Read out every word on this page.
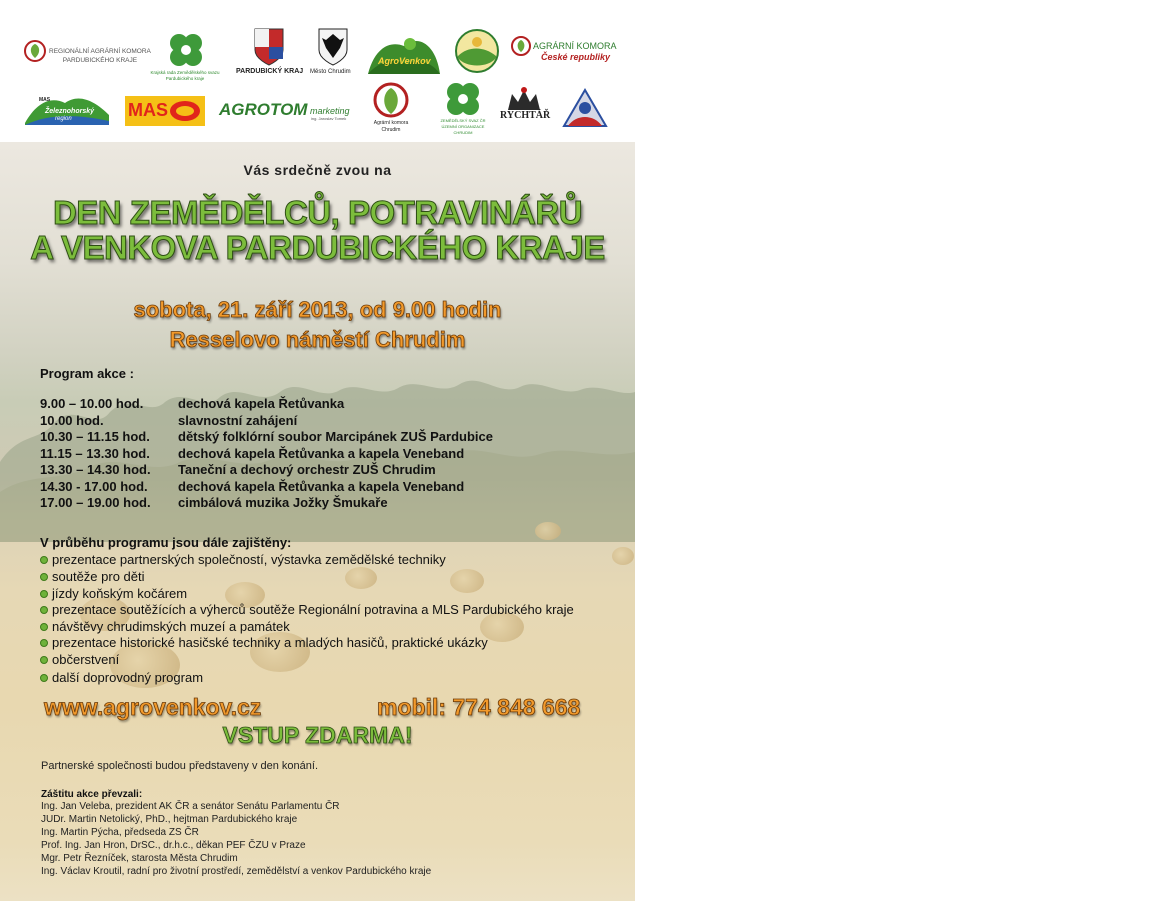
REGIONÁLNÍ AGRÁRNÍ KOMORA
PARDUBICKÉHO KRAJE
Krajská rada Zemědělského svazu
Pardubického kraje
PARDUBICKÝ KRAJ Město Chrudim
AgroVenkov
AGRÁRNÍ KOMORA
České republiky
MAS
Železnohorský
region	MAS	AGROTOM marketing
ing. Jaroslav Tomek
Agrární komora
Chrudim
ZEMĚDĚLSKÝ SVAZ ČR
ÚZEMNÍ ORGANIZACE
CHRUDIM
RYCHTÁŘ
Vás srdečně zvou na
DEN ZEMĚDĚLCŮ, POTRAVINÁŘŮ
A VENKOVA PARDUBICKÉHO KRAJE
sobota, 21. září 2013, od 9.00 hodin
Resselovo náměstí Chrudim
Program akce :
9.00 – 10.00 hod.	dechová kapela Řetůvanka
10.00 hod.	slavnostní zahájení
10.30 – 11.15 hod. dětský folklórní soubor Marcipánek ZUŠ Pardubice
11.15 – 13.30 hod. dechová kapela Řetůvanka a kapela Veneband
13.30 – 14.30 hod. Taneční a dechový orchestr ZUŠ Chrudim
14.30 - 17.00 hod. dechová kapela Řetůvanka a kapela Veneband
17.00 – 19.00 hod. cimbálová muzika Jožky Šmukaře
V průběhu programu jsou dále zajištěny:
prezentace partnerských společností, výstavka zemědělské techniky
soutěže pro děti
jízdy koňským kočárem
prezentace soutěžících a výherců soutěže Regionální potravina a MLS Pardubického kraje
návštěvy chrudimských muzeí a památek
prezentace historické hasičské techniky a mladých hasičů, praktické ukázky
občerstvení
další doprovodný program
www.agrovenkov.cz	mobil: 774 848 668
VSTUP ZDARMA!
Partnerské společnosti budou představeny v den konání.
Záštitu akce převzali:
Ing. Jan Veleba, prezident AK ČR a senátor Senátu Parlamentu ČR
JUDr. Martin Netolický, PhD., hejtman Pardubického kraje
Ing. Martin Pýcha, předseda ZS ČR
Prof. Ing. Jan Hron, DrSC., dr.h.c., děkan PEF ČZU v Praze
Mgr. Petr Řezníček, starosta Města Chrudim
Ing. Václav Kroutil, radní pro životní prostředí, zemědělství a venkov Pardubického kraje
